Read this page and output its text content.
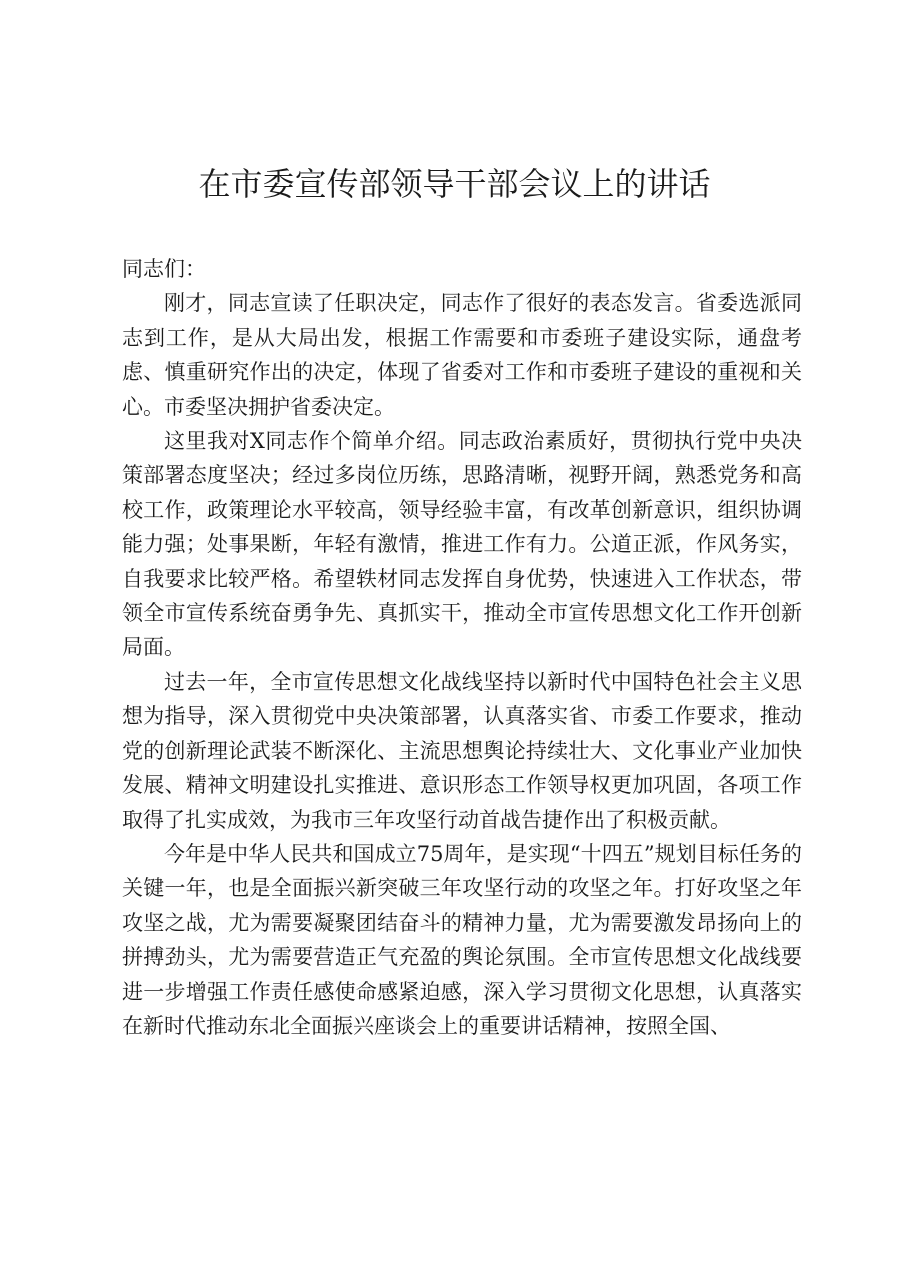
在市委宣传部领导干部会议上的讲话

同志们：

刚才，同志宣读了任职决定，同志作了很好的表态发言。省委选派同志到工作，是从大局出发，根据工作需要和市委班子建设实际，通盘考虑、慎重研究作出的决定，体现了省委对工作和市委班子建设的重视和关心。市委坚决拥护省委决定。

这里我对X同志作个简单介绍。同志政治素质好，贯彻执行党中央决策部署态度坚决；经过多岗位历练，思路清晰，视野开阔，熟悉党务和高校工作，政策理论水平较高，领导经验丰富，有改革创新意识，组织协调能力强；处事果断，年轻有激情，推进工作有力。公道正派，作风务实，自我要求比较严格。希望轶材同志发挥自身优势，快速进入工作状态，带领全市宣传系统奋勇争先、真抓实干，推动全市宣传思想文化工作开创新局面。

过去一年，全市宣传思想文化战线坚持以新时代中国特色社会主义思想为指导，深入贯彻党中央决策部署，认真落实省、市委工作要求，推动党的创新理论武装不断深化、主流思想舆论持续壮大、文化事业产业加快发展、精神文明建设扎实推进、意识形态工作领导权更加巩固，各项工作取得了扎实成效，为我市三年攻坚行动首战告捷作出了积极贡献。

今年是中华人民共和国成立75周年，是实现“十四五”规划目标任务的关键一年，也是全面振兴新突破三年攻坚行动的攻坚之年。打好攻坚之年攻坚之战，尤为需要凝聚团结奋斗的精神力量，尤为需要激发昂扬向上的拼搏劲头，尤为需要营造正气充盈的舆论氛围。全市宣传思想文化战线要进一步增强工作责任感使命感紧迫感，深入学习贯彻文化思想，认真落实在新时代推动东北全面振兴座谈会上的重要讲话精神，按照全国、
